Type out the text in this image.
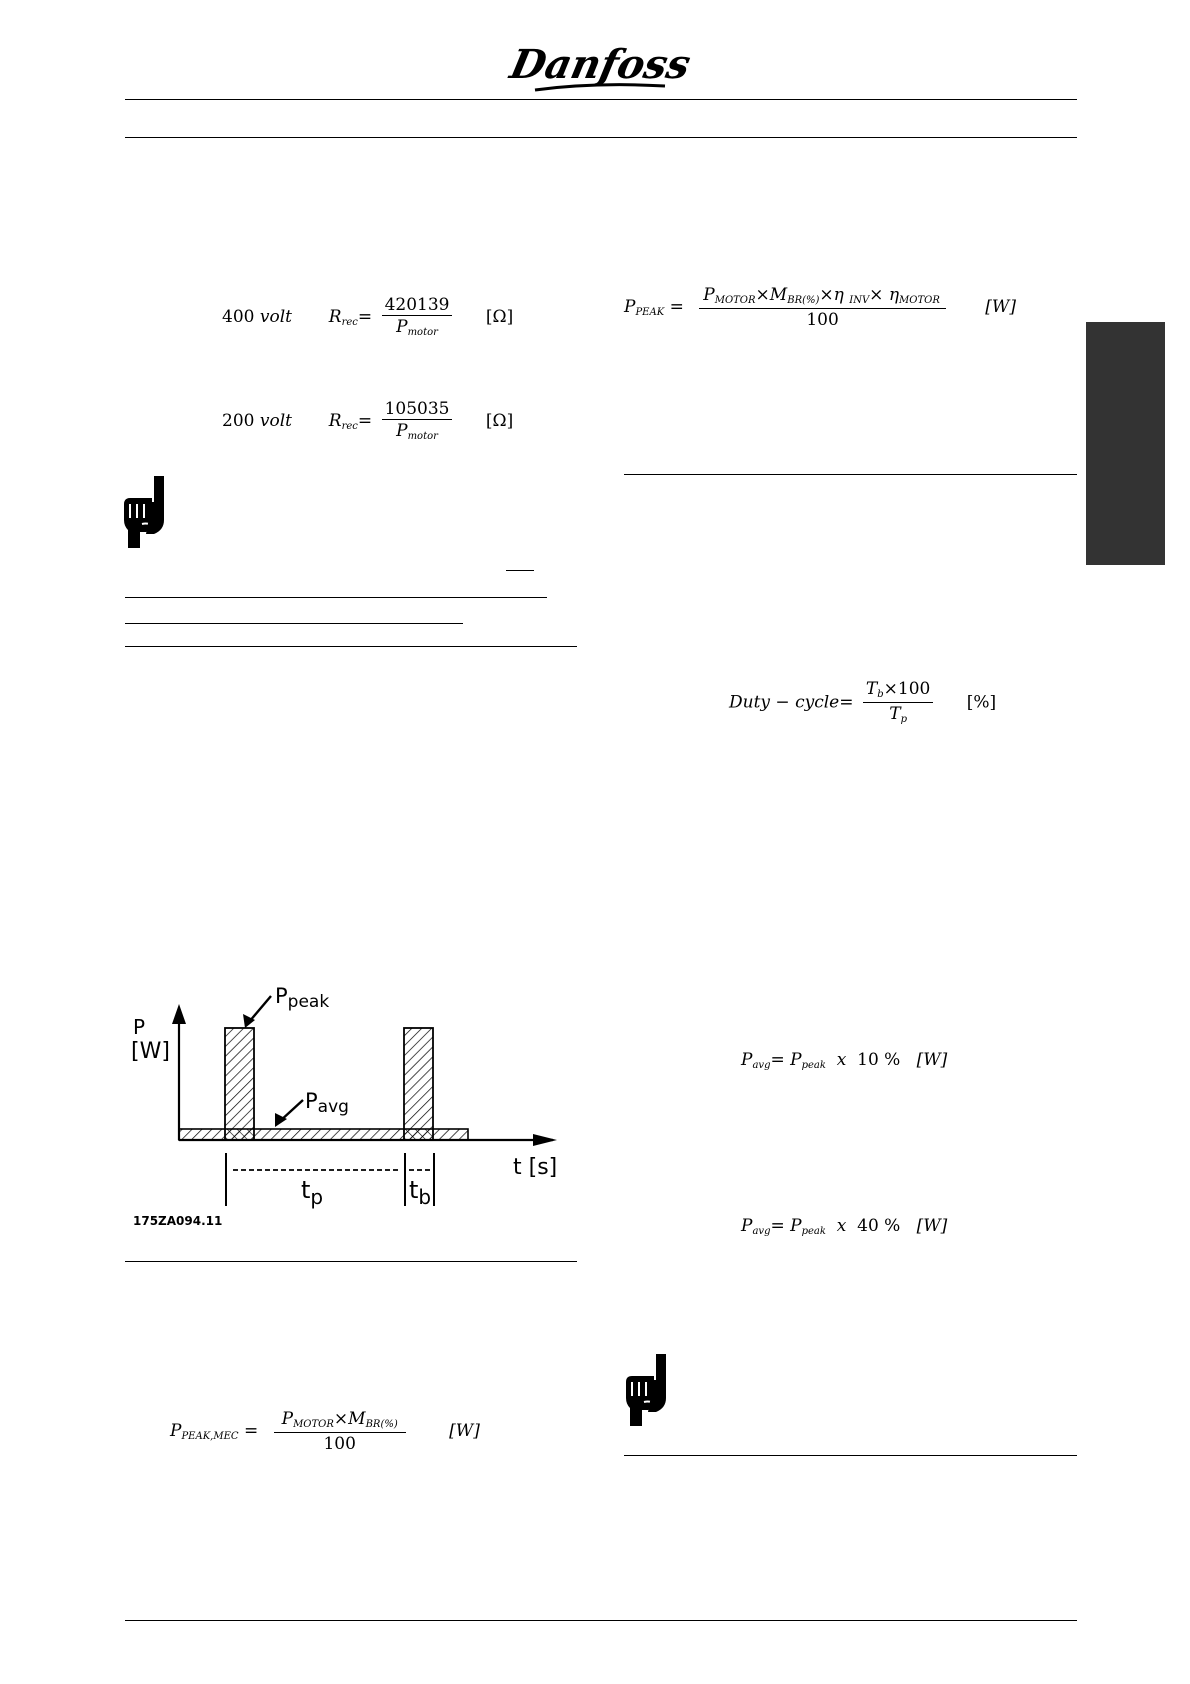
Danfoss
400 volt Rrec= $\frac{420139}{\text{Pmotor}} [\Omega]$
200 volt Rrec= $\frac{105035}{\text{Pmotor}} [\Omega]$
P
[W]
t [s]
Ppeak
Pavg
$t_p$	$t_b$
175ZA094.11
PPEAK,MEC = $\frac{\text{PMOTOR×MBR(\%)}}{100}$	[W]
PPEAK = $\frac{\text{PMOTOR×MBR(\%)×η INV× ηMOTOR}}{100} [W]$
Duty − cycle= $\frac{Tb\times 100}{Tp}$ [%]
Pavg= Ppeak x 10 % [W]
Pavg= Ppeak x 40 % [W]
